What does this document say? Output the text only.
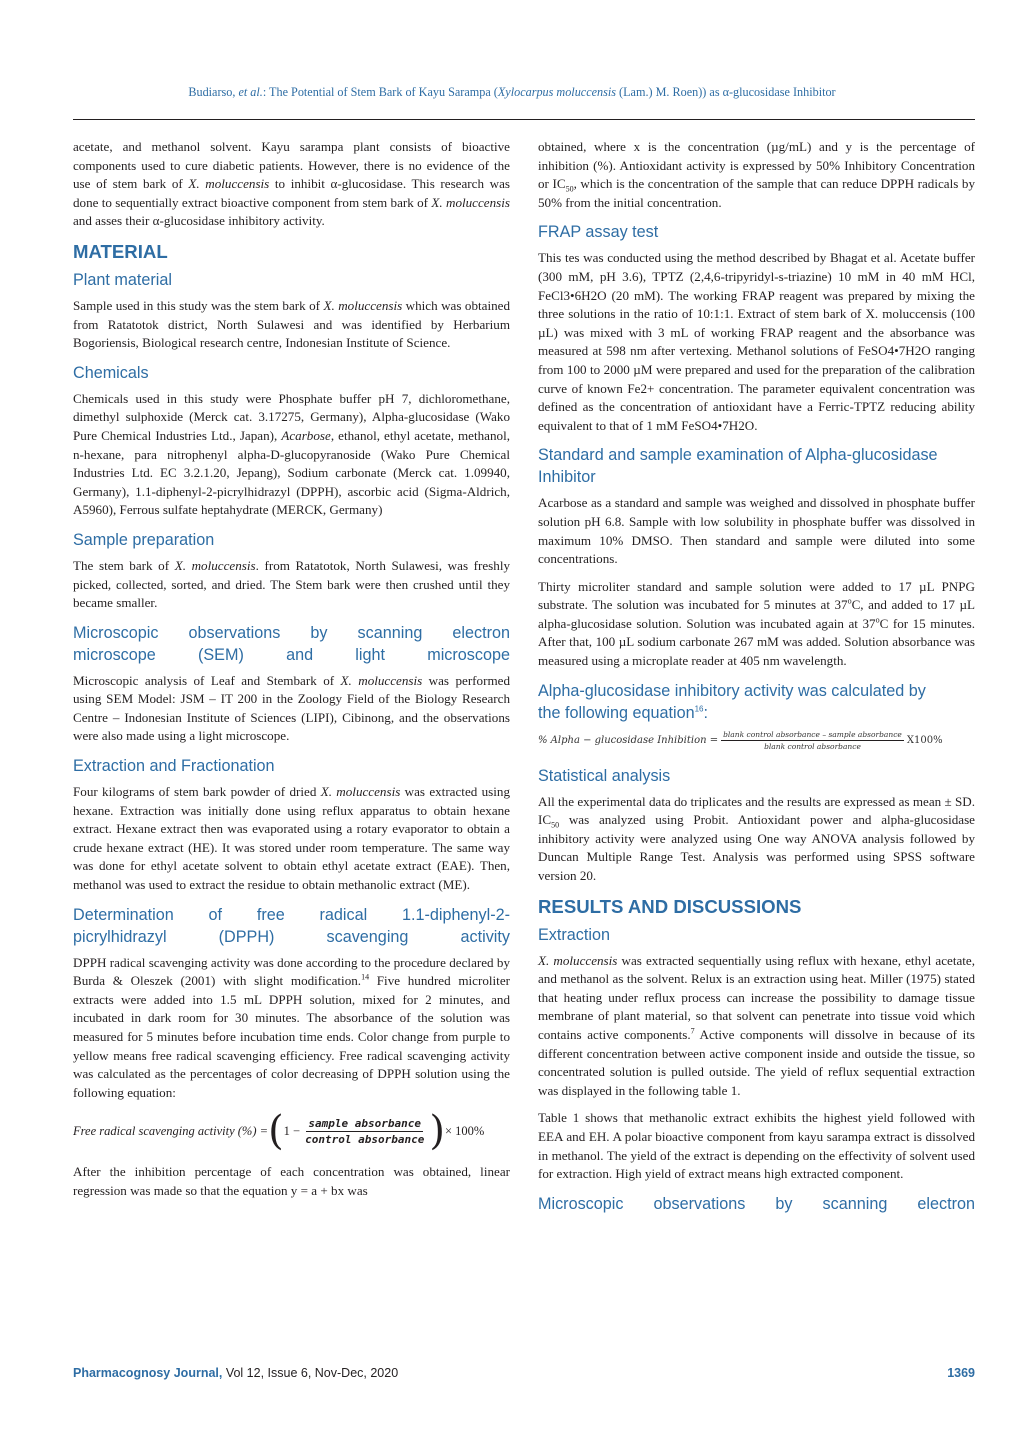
Budiarso, et al.: The Potential of Stem Bark of Kayu Sarampa (Xylocarpus moluccensis (Lam.) M. Roen)) as α-glucosidase Inhibitor

acetate, and methanol solvent. Kayu sarampa plant consists of bioactive components used to cure diabetic patients. However, there is no evidence of the use of stem bark of X. moluccensis to inhibit α-glucosidase. This research was done to sequentially extract bioactive component from stem bark of X. moluccensis and asses their α-glucosidase inhibitory activity.

MATERIAL
Plant material

Sample used in this study was the stem bark of X. moluccensis which was obtained from Ratatotok district, North Sulawesi and was identified by Herbarium Bogoriensis, Biological research centre, Indonesian Institute of Science.

Chemicals

Chemicals used in this study were Phosphate buffer pH 7, dichloromethane, dimethyl sulphoxide (Merck cat. 3.17275, Germany), Alpha-glucosidase (Wako Pure Chemical Industries Ltd., Japan), Acarbose, ethanol, ethyl acetate, methanol, n-hexane, para nitrophenyl alpha-D-glucopyranoside (Wako Pure Chemical Industries Ltd. EC 3.2.1.20, Jepang), Sodium carbonate (Merck cat. 1.09940, Germany), 1.1-diphenyl-2-picrylhidrazyl (DPPH), ascorbic acid (Sigma-Aldrich, A5960), Ferrous sulfate heptahydrate (MERCK, Germany)

Sample preparation

The stem bark of X. moluccensis. from Ratatotok, North Sulawesi, was freshly picked, collected, sorted, and dried. The Stem bark were then crushed until they became smaller.

Microscopic observations by scanning electron
microscope (SEM) and light microscope

Microscopic analysis of Leaf and Stembark of X. moluccensis was performed using SEM Model: JSM – IT 200 in the Zoology Field of the Biology Research Centre – Indonesian Institute of Sciences (LIPI), Cibinong, and the observations were also made using a light microscope.

Extraction and Fractionation

Four kilograms of stem bark powder of dried X. moluccensis was extracted using hexane. Extraction was initially done using reflux apparatus to obtain hexane extract. Hexane extract then was evaporated using a rotary evaporator to obtain a crude hexane extract (HE). It was stored under room temperature. The same way was done for ethyl acetate solvent to obtain ethyl acetate extract (EAE). Then, methanol was used to extract the residue to obtain methanolic extract (ME).

Determination of free radical 1.1-diphenyl-2-
picrylhidrazyl (DPPH) scavenging activity

DPPH radical scavenging activity was done according to the procedure declared by Burda & Oleszek (2001) with slight modification.$^{14}$ Five hundred microliter extracts were added into 1.5 mL DPPH solution, mixed for 2 minutes, and incubated in dark room for 30 minutes. The absorbance of the solution was measured for 5 minutes before incubation time ends. Color change from purple to yellow means free radical scavenging efficiency. Free radical scavenging activity was calculated as the percentages of color decreasing of DPPH solution using the following equation:

Free radical scavenging activity (%) = ( $1 - \frac{\text{sample absorbance}}{\text{control absorbance}}$ ) × 100%

After the inhibition percentage of each concentration was obtained, linear regression was made so that the equation y = a + bx was

obtained, where x is the concentration (µg/mL) and y is the percentage of inhibition (%). Antioxidant activity is expressed by 50% Inhibitory Concentration or $IC_{50}$, which is the concentration of the sample that can reduce DPPH radicals by 50% from the initial concentration.

FRAP assay test

This tes was conducted using the method described by Bhagat et al. Acetate buffer (300 mM, pH 3.6), TPTZ (2,4,6-tripyridyl-s-triazine) 10 mM in 40 mM HCl, FeCl3•6H2O (20 mM). The working FRAP reagent was prepared by mixing the three solutions in the ratio of 10:1:1. Extract of stem bark of X. moluccensis (100 µL) was mixed with 3 mL of working FRAP reagent and the absorbance was measured at 598 nm after vertexing. Methanol solutions of FeSO4•7H2O ranging from 100 to 2000 µM were prepared and used for the preparation of the calibration curve of known Fe2+ concentration. The parameter equivalent concentration was defined as the concentration of antioxidant have a Ferric-TPTZ reducing ability equivalent to that of 1 mM FeSO4•7H2O.

Standard and sample examination of Alpha-glucosidase
Inhibitor

Acarbose as a standard and sample was weighed and dissolved in phosphate buffer solution pH 6.8. Sample with low solubility in phosphate buffer was dissolved in maximum 10% DMSO. Then standard and sample were diluted into some concentrations.

Thirty microliter standard and sample solution were added to 17 µL PNPG substrate. The solution was incubated for 5 minutes at 37$^o$C, and added to 17 µL alpha-glucosidase solution. Solution was incubated again at 37$^o$C for 15 minutes. After that, 100 µL sodium carbonate 267 mM was added. Solution absorbance was measured using a microplate reader at 405 nm wavelength.

Alpha-glucosidase inhibitory activity was calculated by
the following equation$^{16}$:
% Alpha − glucosidase Inhibition = $\frac{\text{blank control absorbance – sample absorbance}}{\text{blank control absorbance}} X100\%$
Statistical analysis

All the experimental data do triplicates and the results are expressed as mean ± SD. $IC_{50}$ was analyzed using Probit. Antioxidant power and alpha-glucosidase inhibitory activity were analyzed using One way ANOVA analysis followed by Duncan Multiple Range Test. Analysis was performed using SPSS software version 20.

RESULTS AND DISCUSSIONS
Extraction

X. moluccensis was extracted sequentially using reflux with hexane, ethyl acetate, and methanol as the solvent. Relux is an extraction using heat. Miller (1975) stated that heating under reflux process can increase the possibility to damage tissue membrane of plant material, so that solvent can penetrate into tissue void which contains active components.$^7$ Active components will dissolve in because of its different concentration between active component inside and outside the tissue, so concentrated solution is pulled outside. The yield of reflux sequential extraction was displayed in the following table 1.

Table 1 shows that methanolic extract exhibits the highest yield followed with EEA and EH. A polar bioactive component from kayu sarampa extract is dissolved in methanol. The yield of the extract is depending on the effectivity of solvent used for extraction. High yield of extract means high extracted component.

Microscopic observations by scanning electron
Pharmacognosy Journal, Vol 12, Issue 6, Nov-Dec, 2020	1369
